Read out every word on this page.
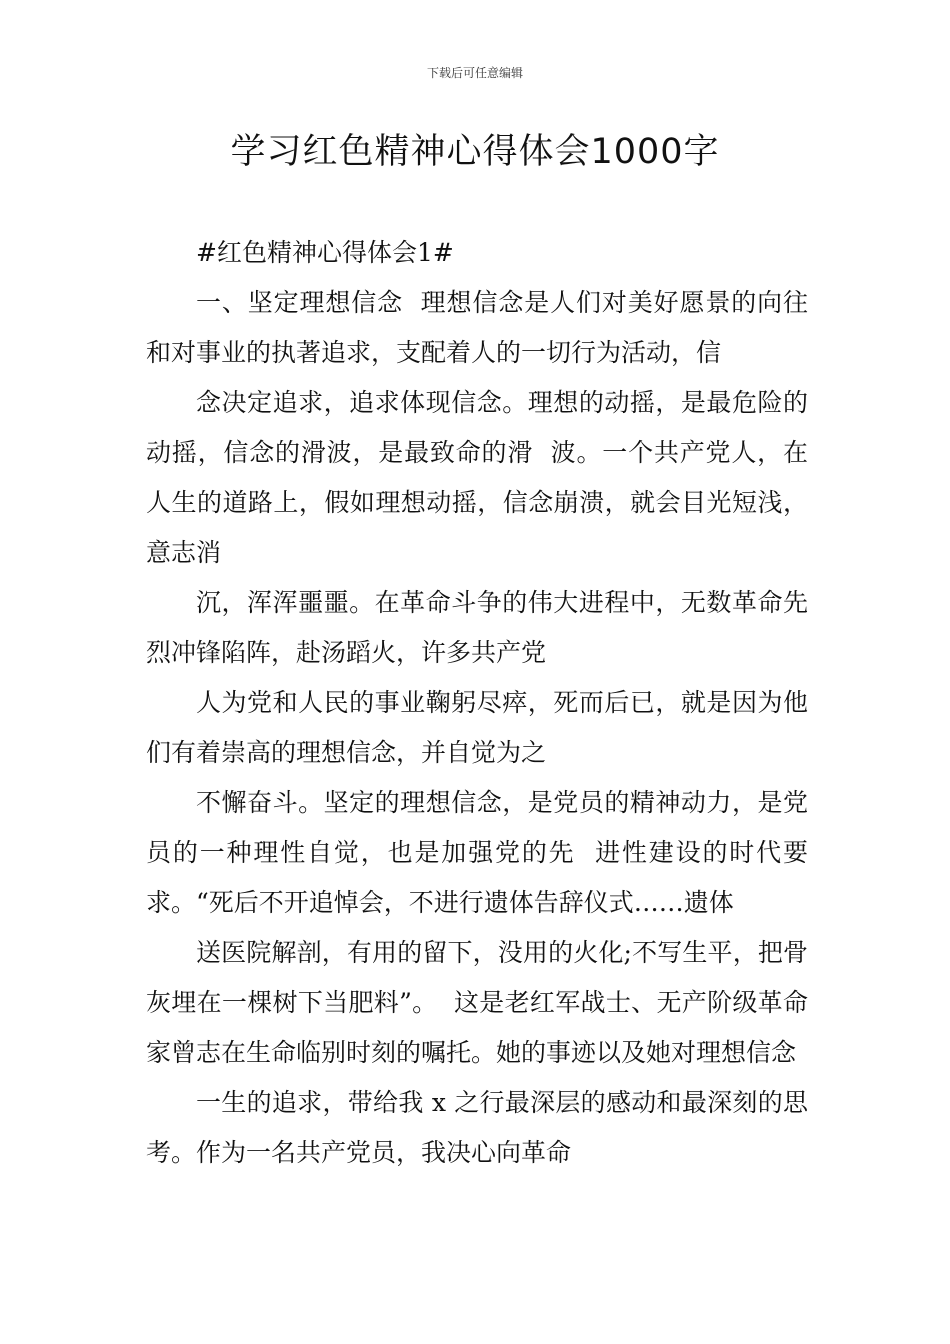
下载后可任意编辑
学习红色精神心得体会1000字

#红色精神心得体会1#

一、坚定理想信念  理想信念是人们对美好愿景的向往和对事业的执著追求，支配着人的一切行为活动，信

念决定追求，追求体现信念。理想的动摇，是最危险的动摇，信念的滑波，是最致命的滑  波。一个共产党人，在人生的道路上，假如理想动摇，信念崩溃，就会目光短浅，意志消

沉，浑浑噩噩。在革命斗争的伟大进程中，无数革命先烈冲锋陷阵，赴汤蹈火，许多共产党

人为党和人民的事业鞠躬尽瘁，死而后已，就是因为他们有着崇高的理想信念，并自觉为之

不懈奋斗。坚定的理想信念，是党员的精神动力，是党员的一种理性自觉，也是加强党的先  进性建设的时代要求。“死后不开追悼会，不进行遗体告辞仪式……遗体

送医院解剖，有用的留下，没用的火化;不写生平，把骨灰埋在一棵树下当肥料”。  这是老红军战士、无产阶级革命家曾志在生命临别时刻的嘱托。她的事迹以及她对理想信念

一生的追求，带给我 x 之行最深层的感动和最深刻的思考。作为一名共产党员，我决心向革命
